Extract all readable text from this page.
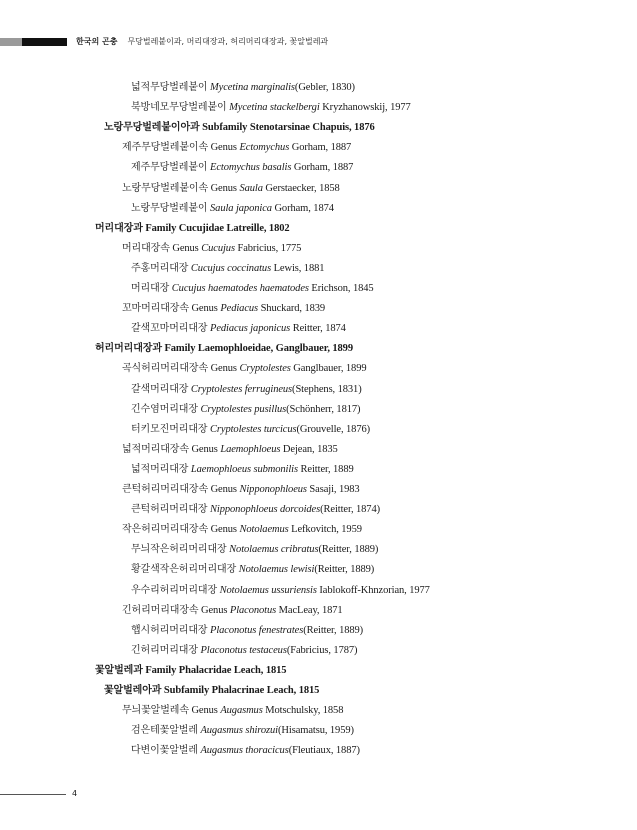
한국의 곤충 무당벌레붙이과, 머리대장과, 허리머리대장과, 꽃알벌레과
넓적무당벌레붙이 Mycetina marginalis(Gebler, 1830)
북방네모무당벌레붙이 Mycetina stackelbergi Kryzhanowskij, 1977
노랑무당벌레붙이아과 Subfamily Stenotarsinae Chapuis, 1876
제주무당벌레붙이속 Genus Ectomychus Gorham, 1887
제주무당벌레붙이 Ectomychus basalis Gorham, 1887
노랑무당벌레붙이속 Genus Saula Gerstaecker, 1858
노랑무당벌레붙이 Saula japonica Gorham, 1874
머리대장과 Family Cucujidae Latreille, 1802
머리대장속 Genus Cucujus Fabricius, 1775
주홍머리대장 Cucujus coccinatus Lewis, 1881
머리대장 Cucujus haematodes haematodes Erichson, 1845
꼬마머리대장속 Genus Pediacus Shuckard, 1839
갈색꼬마머리대장 Pediacus japonicus Reitter, 1874
허리머리대장과 Family Laemophloeidae, Ganglbauer, 1899
곡식허리머리대장속 Genus Cryptolestes Ganglbauer, 1899
갈색머리대장 Cryptolestes ferrugineus(Stephens, 1831)
긴수염머리대장 Cryptolestes pusillus(Schönherr, 1817)
터키모진머리대장 Cryptolestes turcicus(Grouvelle, 1876)
넓적머리대장속 Genus Laemophloeus Dejean, 1835
넓적머리대장 Laemophloeus submonilis Reitter, 1889
큰턱허리머리대장속 Genus Nipponophloeus Sasaji, 1983
큰턱허리머리대장 Nipponophloeus dorcoides(Reitter, 1874)
작은허리머리대장속 Genus Notolaemus Lefkovitch, 1959
무늬작은허리머리대장 Notolaemus cribratus(Reitter, 1889)
황갈색작은허리머리대장 Notolaemus lewisi(Reitter, 1889)
우수리허리머리대장 Notolaemus ussuriensis Iablokoff-Khnzorian, 1977
긴허리머리대장속 Genus Placonotus MacLeay, 1871
햅시허리머리대장 Placonotus fenestrates(Reitter, 1889)
긴허리머리대장 Placonotus testaceus(Fabricius, 1787)
꽃알벌레과 Family Phalacridae Leach, 1815
꽃알벌레아과 Subfamily Phalacrinae Leach, 1815
무늬꽃알벌레속 Genus Augasmus Motschulsky, 1858
검은테꽃알벌레 Augasmus shirozui(Hisamatsu, 1959)
다변이꽃알벌레 Augasmus thoracicus(Fleutiaux, 1887)
4
